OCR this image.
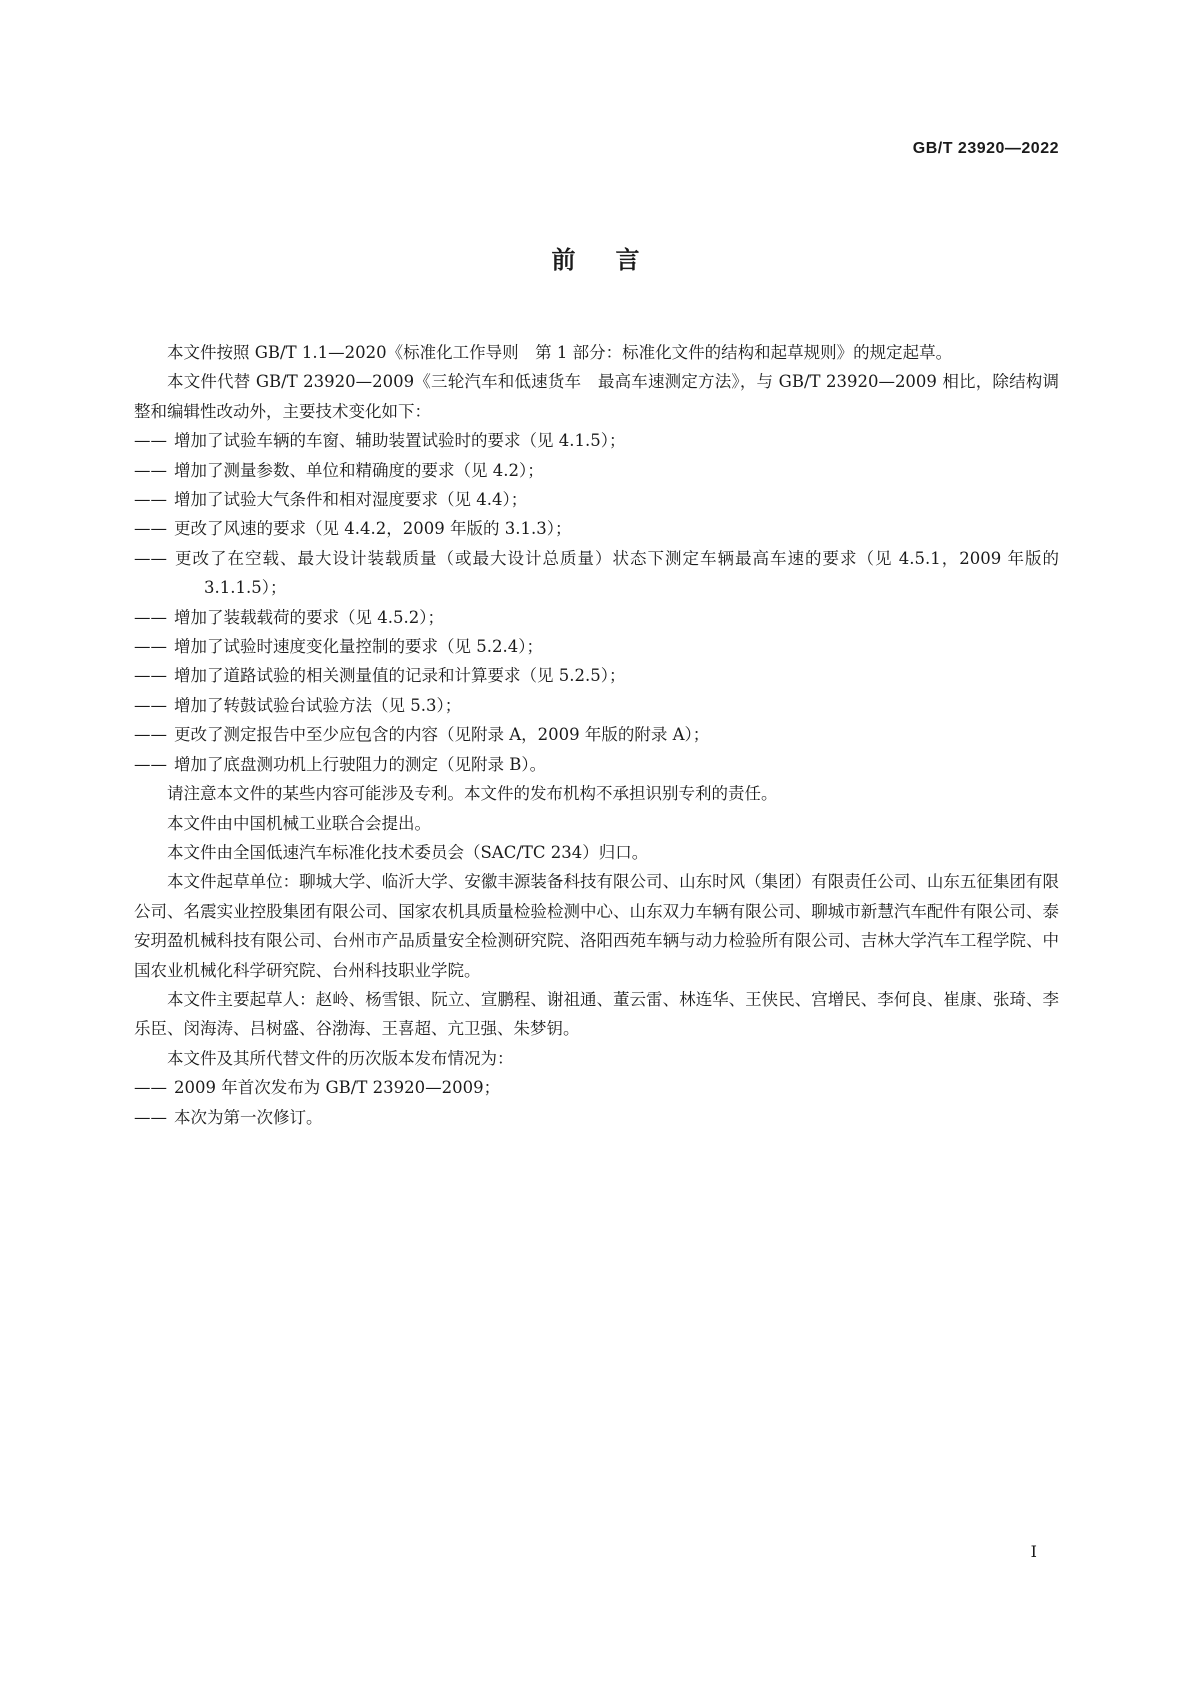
GB/T 23920—2022
前言

本文件按照 GB/T 1.1—2020《标准化工作导则　第 1 部分：标准化文件的结构和起草规则》的规定起草。

本文件代替 GB/T 23920—2009《三轮汽车和低速货车　最高车速测定方法》，与 GB/T 23920—2009 相比，除结构调整和编辑性改动外，主要技术变化如下：

—— 增加了试验车辆的车窗、辅助装置试验时的要求（见 4.1.5）；

—— 增加了测量参数、单位和精确度的要求（见 4.2）；

—— 增加了试验大气条件和相对湿度要求（见 4.4）；

—— 更改了风速的要求（见 4.4.2，2009 年版的 3.1.3）；

—— 更改了在空载、最大设计装载质量（或最大设计总质量）状态下测定车辆最高车速的要求（见 4.5.1，2009 年版的 3.1.1.5）；

—— 增加了装载载荷的要求（见 4.5.2）；

—— 增加了试验时速度变化量控制的要求（见 5.2.4）；

—— 增加了道路试验的相关测量值的记录和计算要求（见 5.2.5）；

—— 增加了转鼓试验台试验方法（见 5.3）；

—— 更改了测定报告中至少应包含的内容（见附录 A，2009 年版的附录 A）；

—— 增加了底盘测功机上行驶阻力的测定（见附录 B）。

请注意本文件的某些内容可能涉及专利。本文件的发布机构不承担识别专利的责任。

本文件由中国机械工业联合会提出。

本文件由全国低速汽车标准化技术委员会（SAC/TC 234）归口。

本文件起草单位：聊城大学、临沂大学、安徽丰源装备科技有限公司、山东时风（集团）有限责任公司、山东五征集团有限公司、名震实业控股集团有限公司、国家农机具质量检验检测中心、山东双力车辆有限公司、聊城市新慧汽车配件有限公司、泰安玥盈机械科技有限公司、台州市产品质量安全检测研究院、洛阳西苑车辆与动力检验所有限公司、吉林大学汽车工程学院、中国农业机械化科学研究院、台州科技职业学院。

本文件主要起草人：赵岭、杨雪银、阮立、宣鹏程、谢祖通、董云雷、林连华、王侠民、宫增民、李何良、崔康、张琦、李乐臣、闵海涛、吕树盛、谷渤海、王喜超、亢卫强、朱梦钥。

本文件及其所代替文件的历次版本发布情况为：

—— 2009 年首次发布为 GB/T 23920—2009；

—— 本次为第一次修订。

Ⅰ
